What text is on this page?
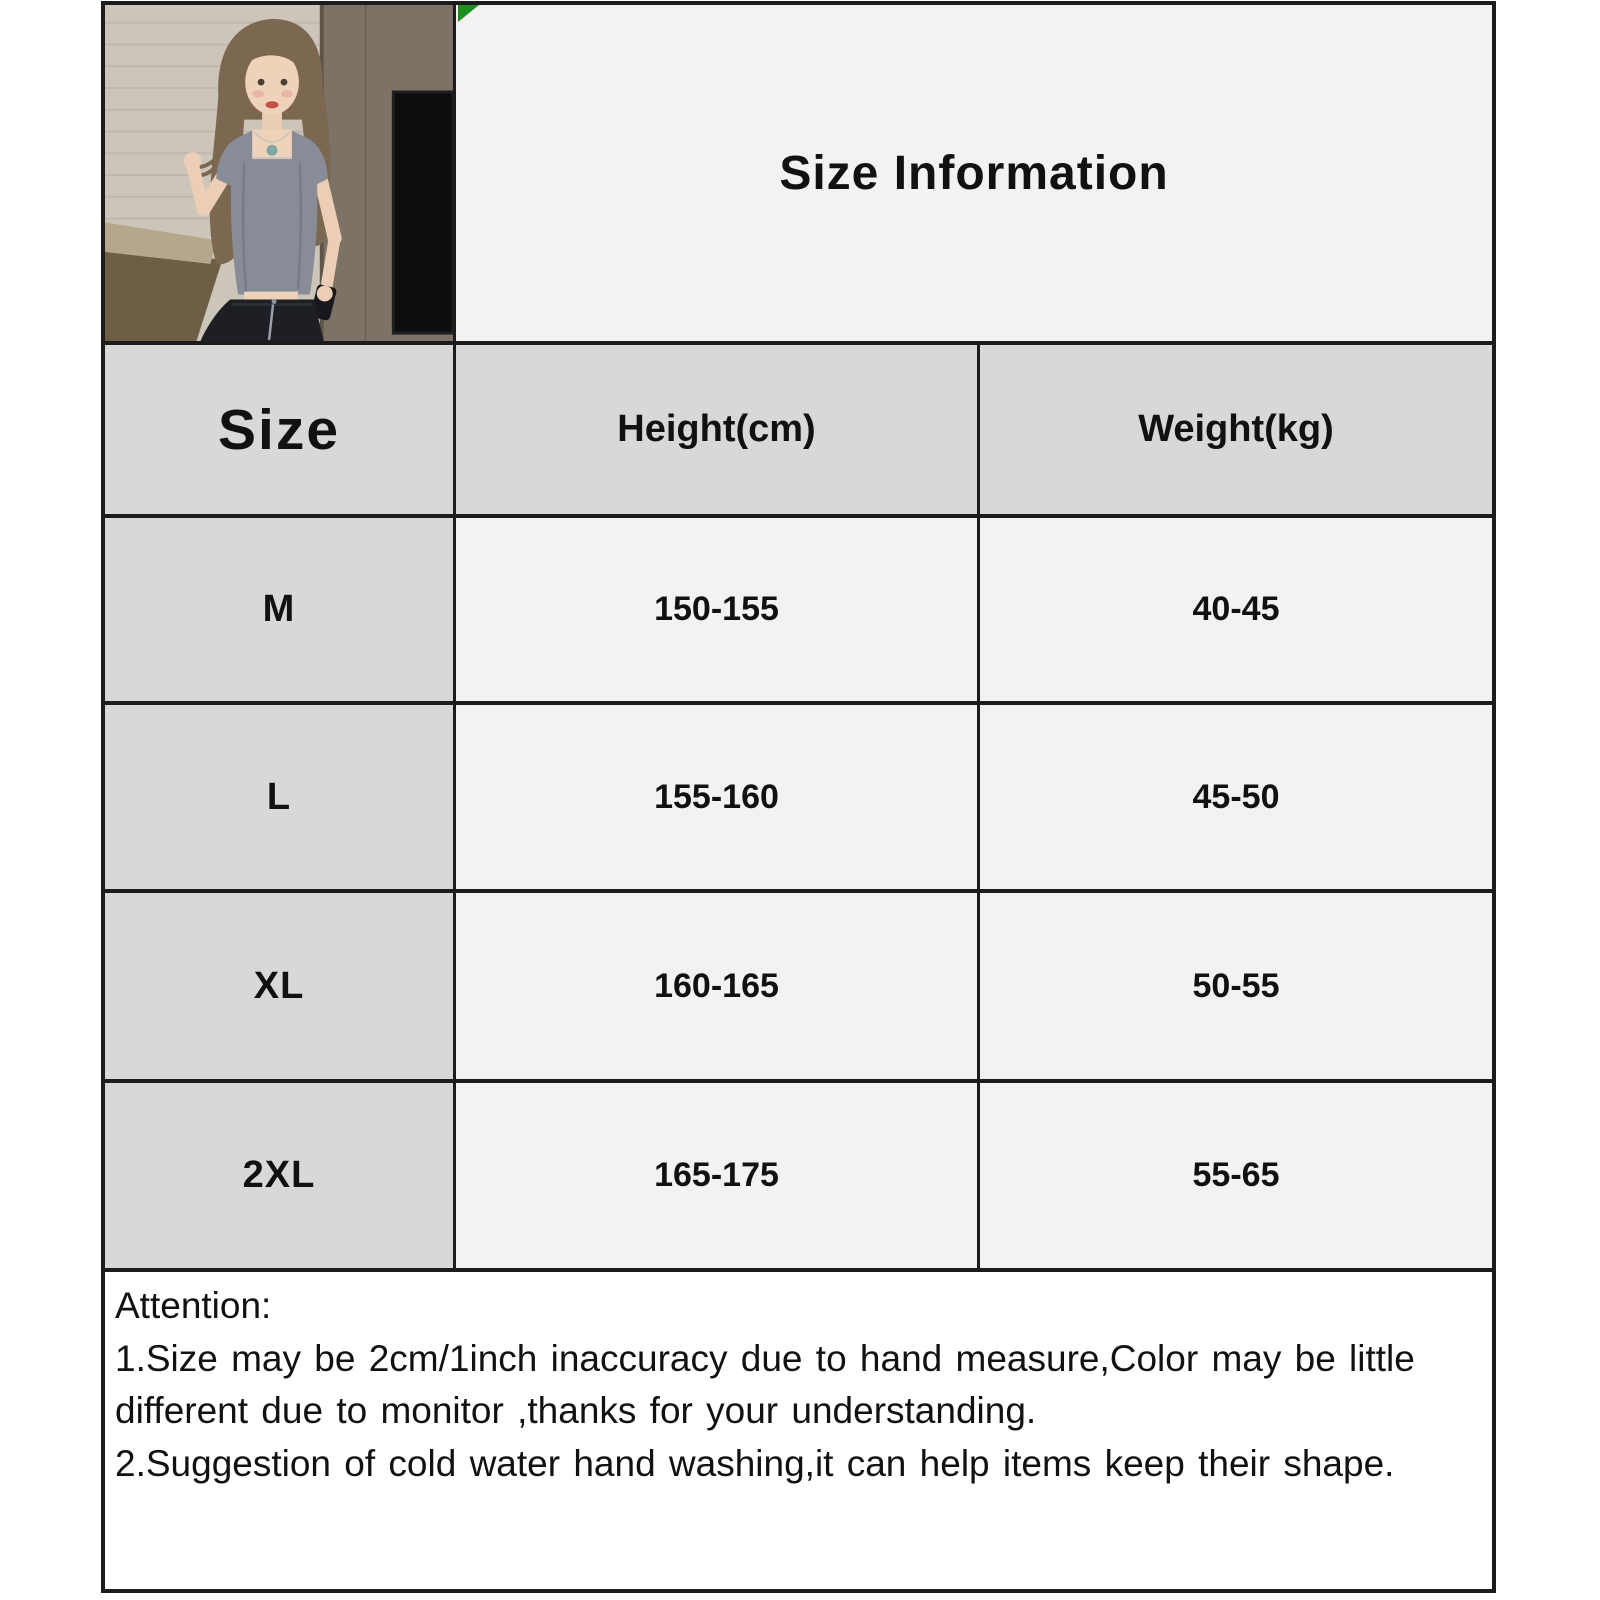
Size Information
Size	Height(cm)	Weight(kg)
M	150-155	40-45
L	155-160	45-50
XL	160-165	50-55
2XL	165-175	55-65

Attention:

1.Size may be 2cm/1inch inaccuracy due to hand measure,Color may be little different due to monitor ,thanks for your understanding.

2.Suggestion of cold water hand washing,it can help items keep their shape.
